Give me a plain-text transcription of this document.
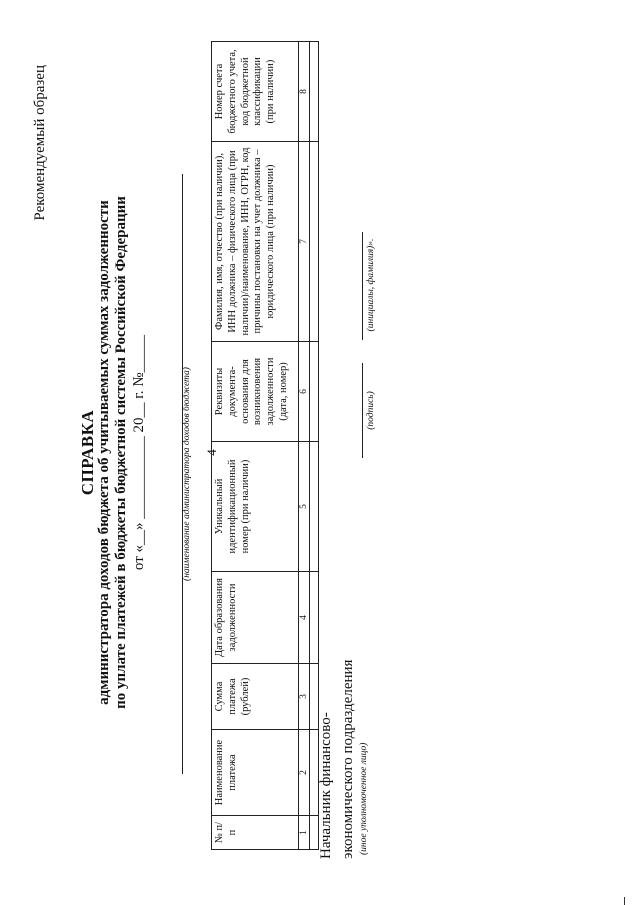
4
Рекомендуемый образец
администратора доходов бюджета об учитываемых суммах задолженности по уплате платежей в бюджеты бюджетной системы Российской Федерации от «__» ___________ 20__ г. №_____
СПРАВКА	(наименование администратора доходов бюджета)
№ п/п	Наименование платежа	Сумма платежа (рублей)	Дата образования задолженности	Уникальный идентификационный номер (при наличии)	Реквизиты документа-основания для возникновения задолженности (дата, номер)	Фамилия, имя, отчество (при наличии), ИНН должника – физического лица (при наличии)/наименование, ИНН, ОГРН, код причины постановки на учет должника – юридического лица (при наличии)	Номер счета бюджетного учета, код бюджетной классификации (при наличии)
1	2	3	4	5	6	7	8

Начальник финансово- экономического подразделения (иное уполномоченное лицо)
(подпись)
(инициалы, фамилия)».
